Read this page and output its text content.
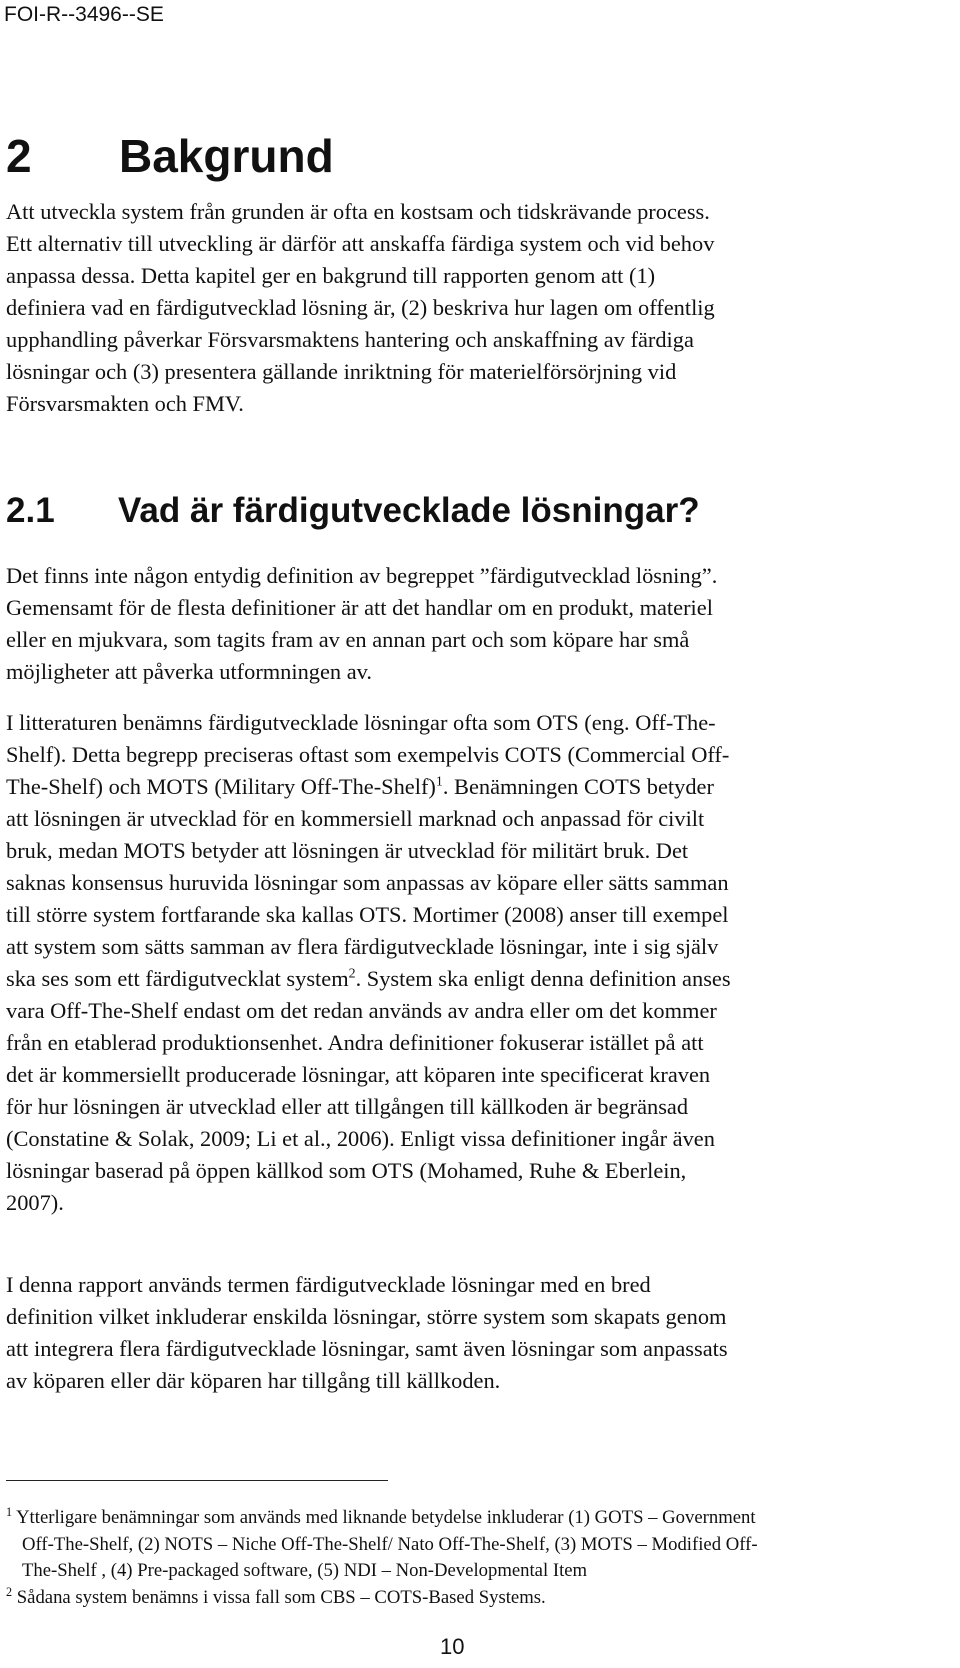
FOI-R--3496--SE
2 Bakgrund
Att utveckla system från grunden är ofta en kostsam och tidskrävande process.
Ett alternativ till utveckling är därför att anskaffa färdiga system och vid behov
anpassa dessa. Detta kapitel ger en bakgrund till rapporten genom att (1)
definiera vad en färdigutvecklad lösning är, (2) beskriva hur lagen om offentlig
upphandling påverkar Försvarsmaktens hantering och anskaffning av färdiga
lösningar och (3) presentera gällande inriktning för materielförsörjning vid
Försvarsmakten och FMV.
2.1 Vad är färdigutvecklade lösningar?
Det finns inte någon entydig definition av begreppet ”färdigutvecklad lösning”.
Gemensamt för de flesta definitioner är att det handlar om en produkt, materiel
eller en mjukvara, som tagits fram av en annan part och som köpare har små
möjligheter att påverka utformningen av.
I litteraturen benämns färdigutvecklade lösningar ofta som OTS (eng. Off-The-
Shelf). Detta begrepp preciseras oftast som exempelvis COTS (Commercial Off-
The-Shelf) och MOTS (Military Off-The-Shelf)$^1$. Benämningen COTS betyder
att lösningen är utvecklad för en kommersiell marknad och anpassad för civilt
bruk, medan MOTS betyder att lösningen är utvecklad för militärt bruk. Det
saknas konsensus huruvida lösningar som anpassas av köpare eller sätts samman
till större system fortfarande ska kallas OTS. Mortimer (2008) anser till exempel
att system som sätts samman av flera färdigutvecklade lösningar, inte i sig själv
ska ses som ett färdigutvecklat system$^2$. System ska enligt denna definition anses
vara Off-The-Shelf endast om det redan används av andra eller om det kommer
från en etablerad produktionsenhet. Andra definitioner fokuserar istället på att
det är kommersiellt producerade lösningar, att köparen inte specificerat kraven
för hur lösningen är utvecklad eller att tillgången till källkoden är begränsad
(Constatine & Solak, 2009; Li et al., 2006). Enligt vissa definitioner ingår även
lösningar baserad på öppen källkod som OTS (Mohamed, Ruhe & Eberlein,
2007).
I denna rapport används termen färdigutvecklade lösningar med en bred
definition vilket inkluderar enskilda lösningar, större system som skapats genom
att integrera flera färdigutvecklade lösningar, samt även lösningar som anpassats
av köparen eller där köparen har tillgång till källkoden.
$^1$ Ytterligare benämningar som används med liknande betydelse inkluderar (1) GOTS – Government
Off-The-Shelf, (2) NOTS – Niche Off-The-Shelf/ Nato Off-The-Shelf, (3) MOTS – Modified Off-
The-Shelf , (4) Pre-packaged software, (5) NDI – Non-Developmental Item
$^2$ Sådana system benämns i vissa fall som CBS – COTS-Based Systems.
10
